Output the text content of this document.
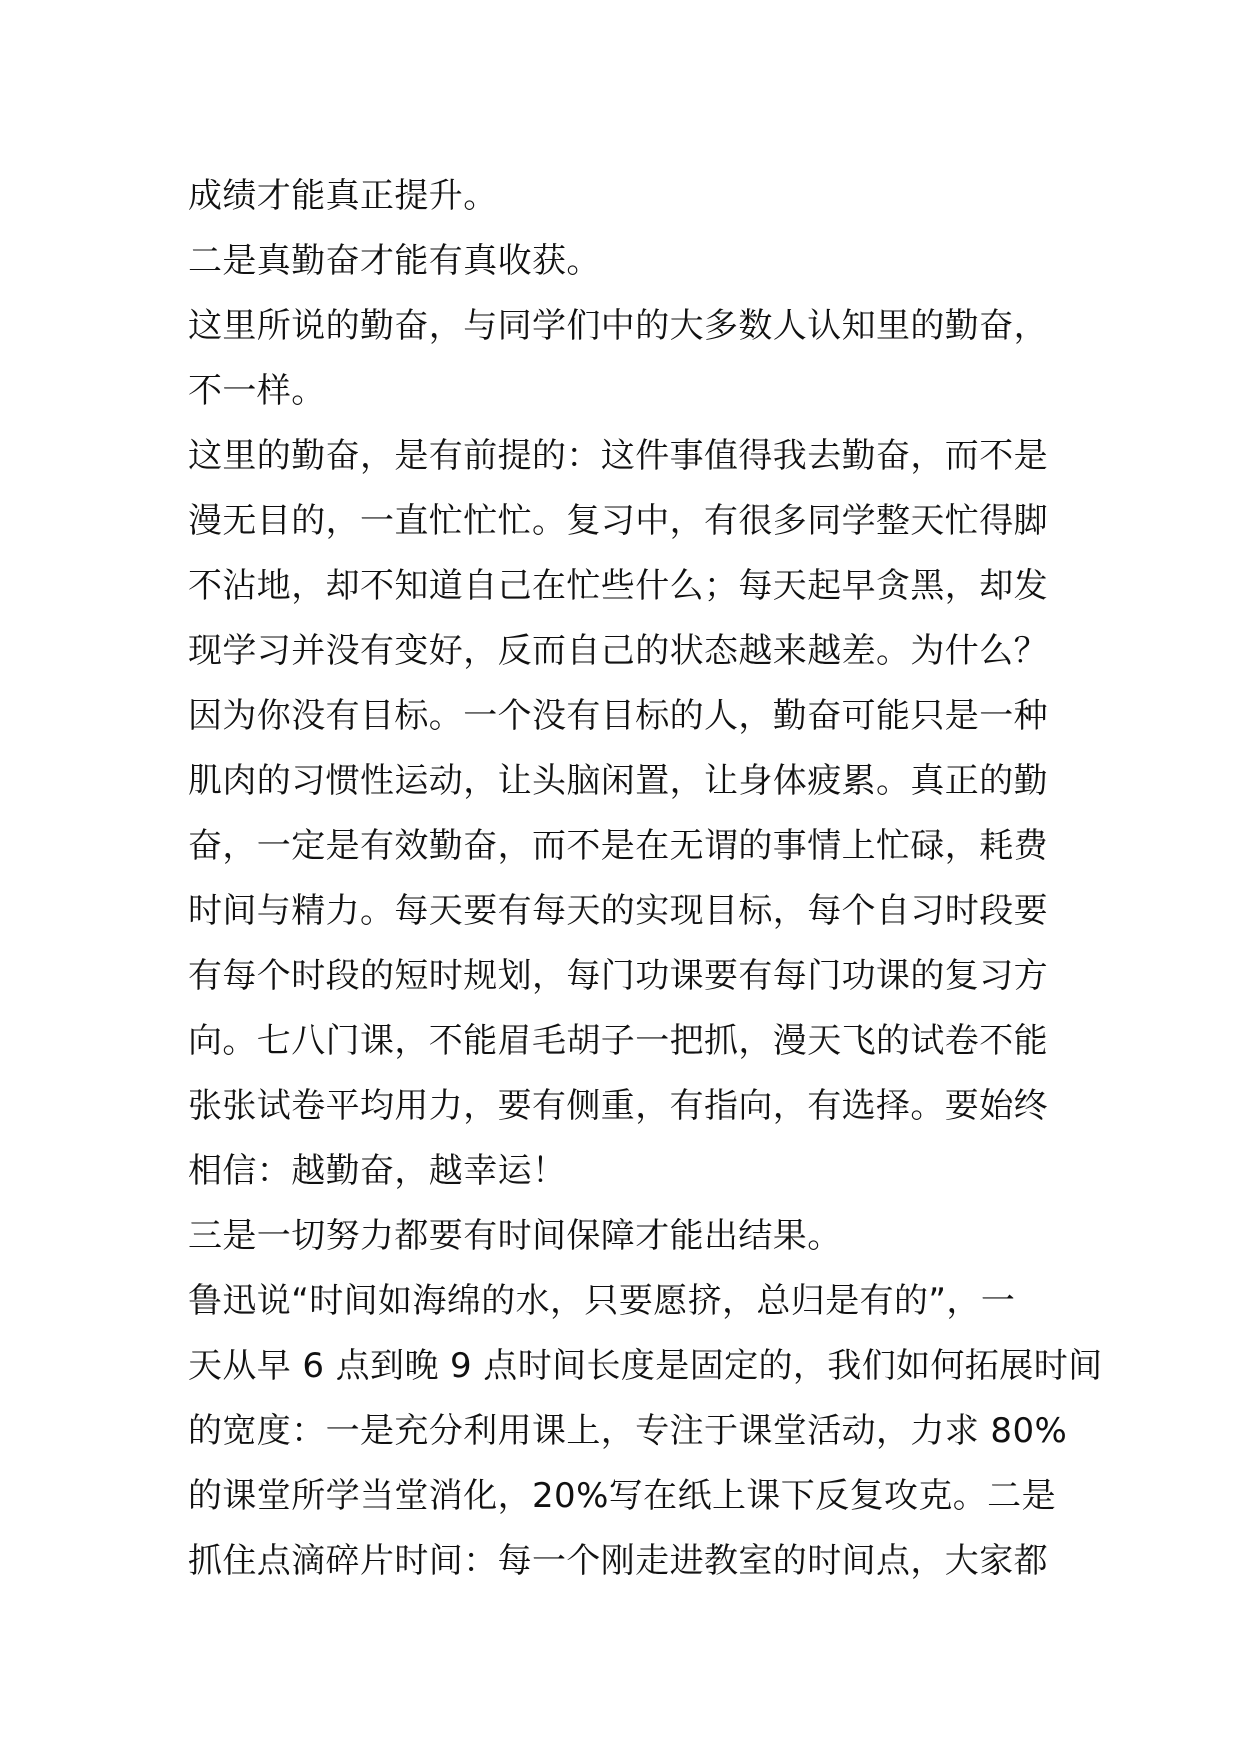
成绩才能真正提升。
二是真勤奋才能有真收获。
这里所说的勤奋，与同学们中的大多数人认知里的勤奋，
不一样。
这里的勤奋，是有前提的：这件事值得我去勤奋，而不是
漫无目的，一直忙忙忙。复习中，有很多同学整天忙得脚
不沾地，却不知道自己在忙些什么；每天起早贪黑，却发
现学习并没有变好，反而自己的状态越来越差。为什么？
因为你没有目标。一个没有目标的人，勤奋可能只是一种
肌肉的习惯性运动，让头脑闲置，让身体疲累。真正的勤
奋，一定是有效勤奋，而不是在无谓的事情上忙碌，耗费
时间与精力。每天要有每天的实现目标，每个自习时段要
有每个时段的短时规划，每门功课要有每门功课的复习方
向。七八门课，不能眉毛胡子一把抓，漫天飞的试卷不能
张张试卷平均用力，要有侧重，有指向，有选择。要始终
相信：越勤奋，越幸运！
三是一切努力都要有时间保障才能出结果。
鲁迅说“时间如海绵的水，只要愿挤，总归是有的”，一
天从早 6 点到晚 9 点时间长度是固定的，我们如何拓展时间
的宽度：一是充分利用课上，专注于课堂活动，力求 80%
的课堂所学当堂消化，20%写在纸上课下反复攻克。二是
抓住点滴碎片时间：每一个刚走进教室的时间点，大家都
